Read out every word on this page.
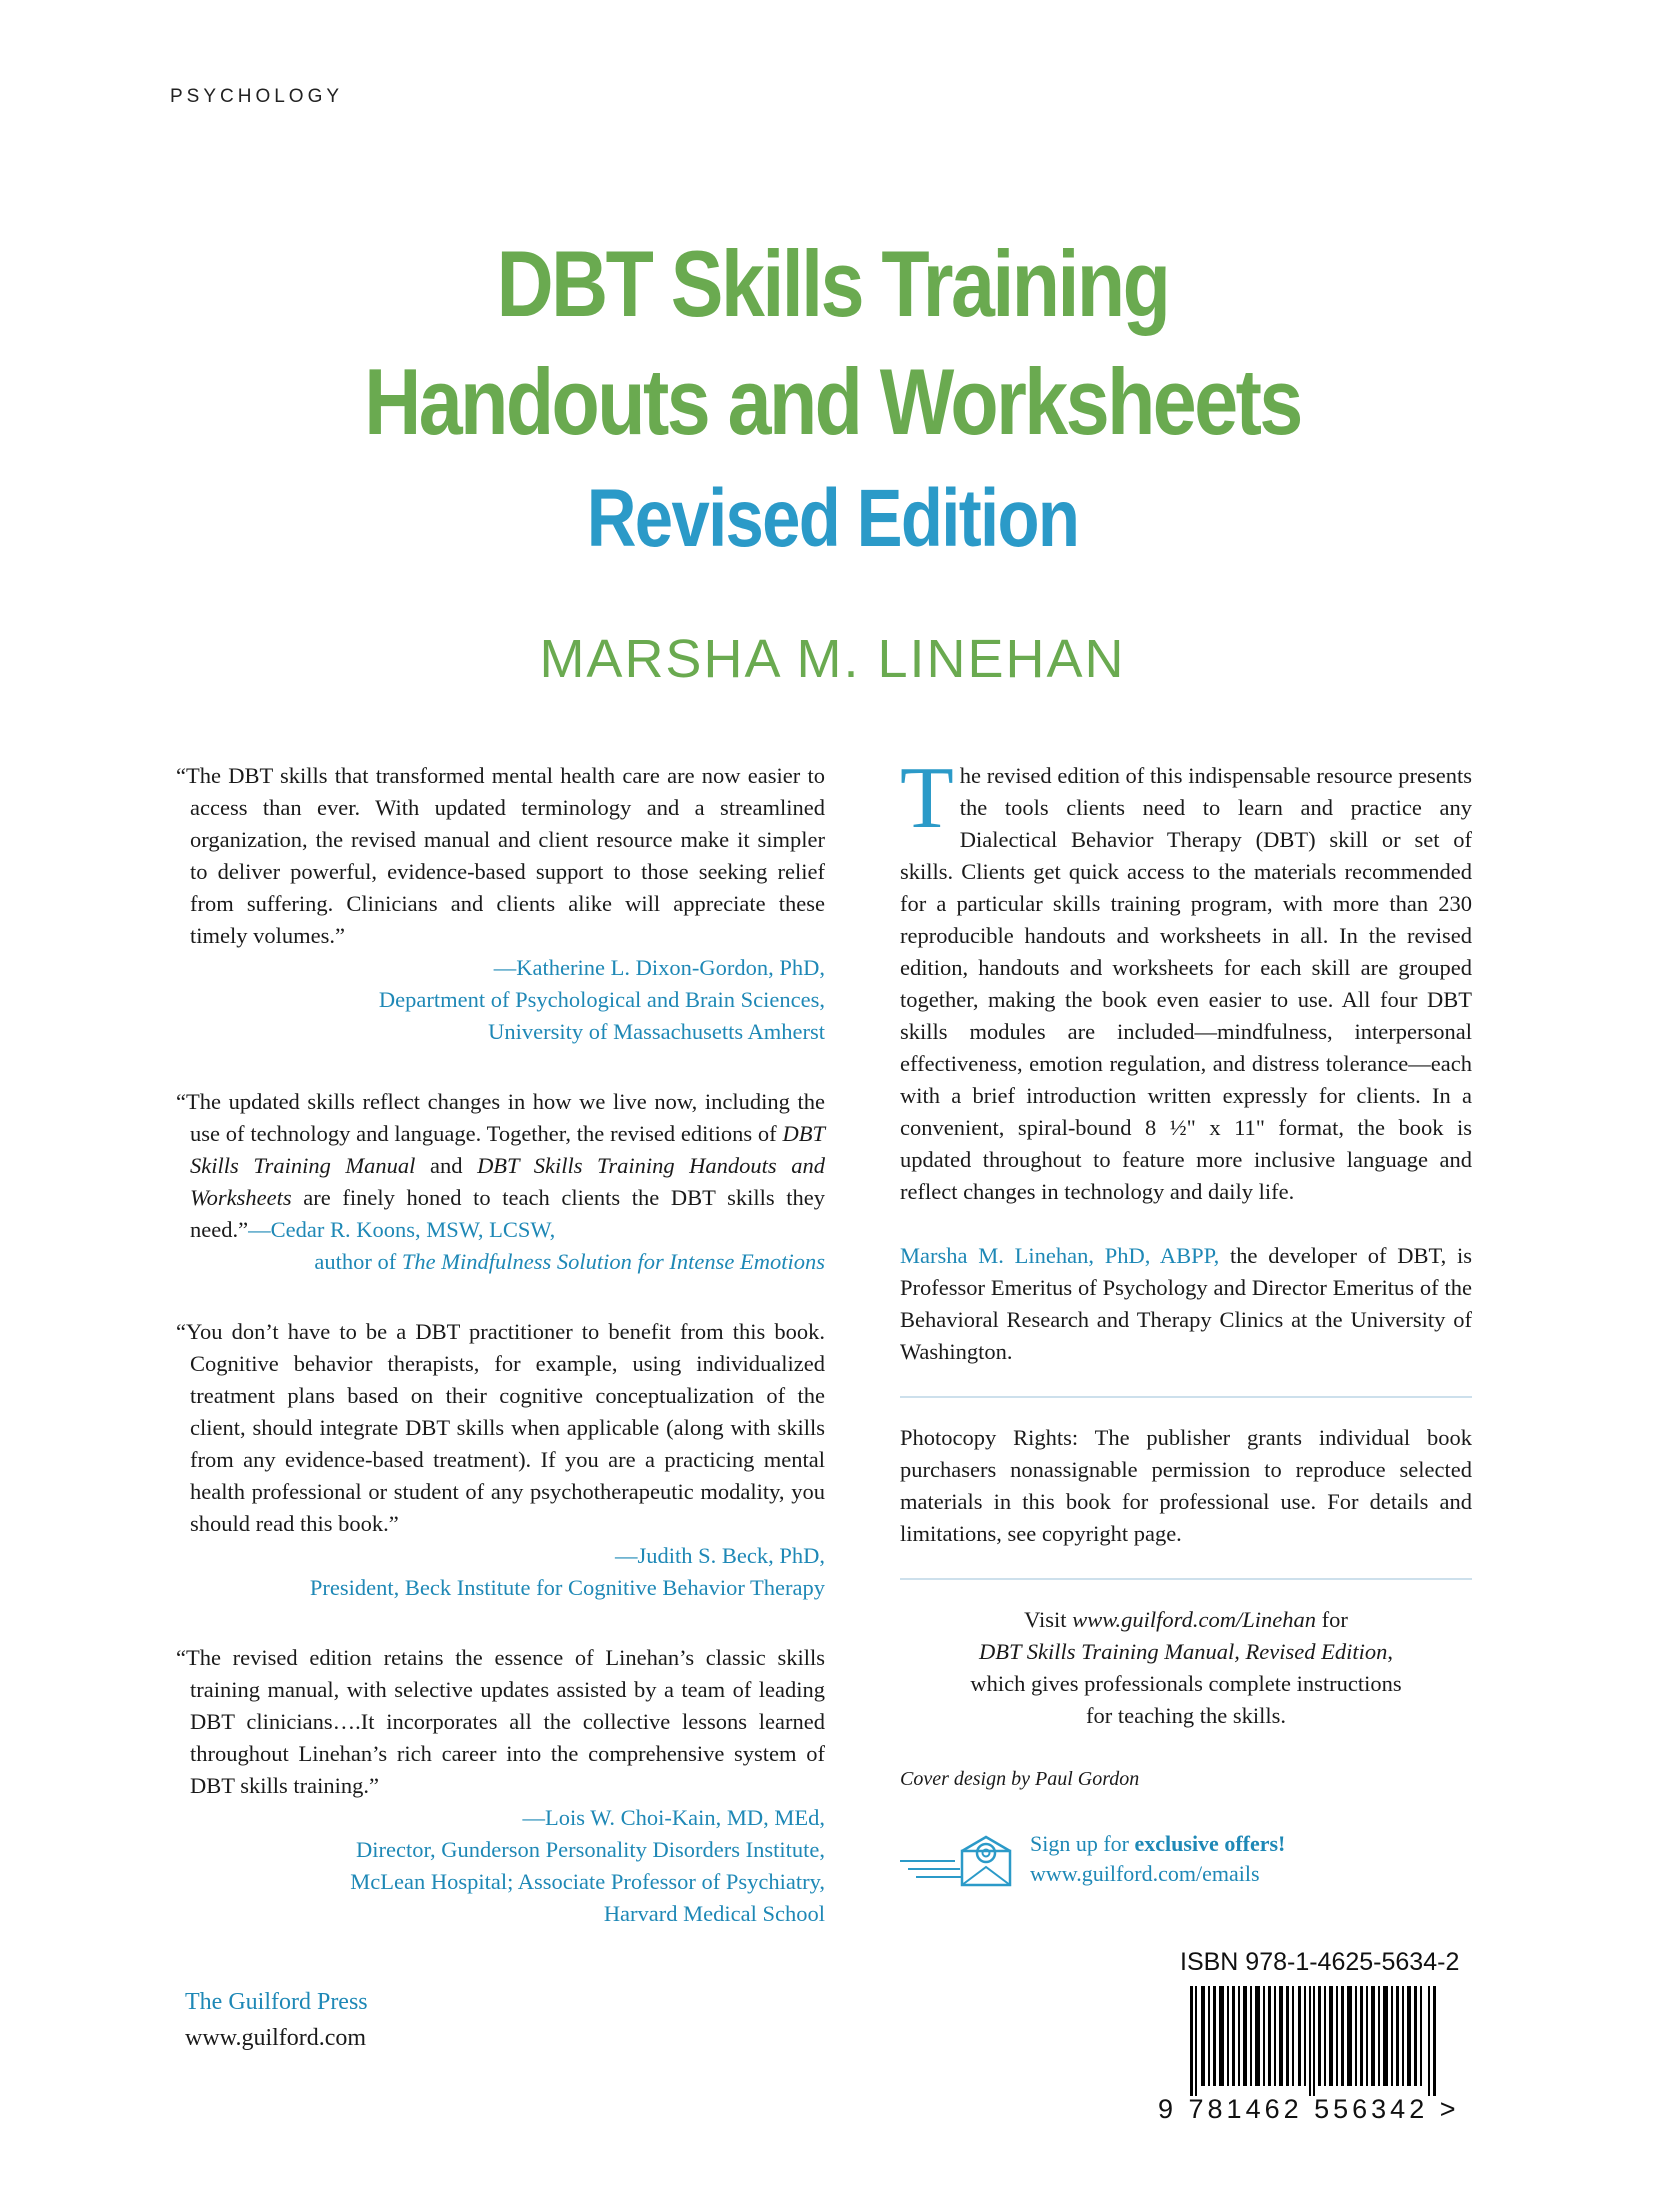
PSYCHOLOGY
DBT Skills Training
Handouts and Worksheets
Revised Edition
MARSHA M. LINEHAN

“The DBT skills that transformed mental health care are now easier to access than ever. With updated terminology and a streamlined organization, the revised manual and client resource make it simpler to deliver powerful, evidence-based support to those seeking relief from suffering. Clinicians and clients alike will appreciate these timely volumes.”

—Katherine L. Dixon-Gordon, PhD,
Department of Psychological and Brain Sciences,
University of Massachusetts Amherst

“The updated skills reflect changes in how we live now, including the use of technology and language. Together, the revised editions of DBT Skills Training Manual and DBT Skills Training Handouts and Worksheets are finely honed to teach clients the DBT skills they need.”—Cedar R. Koons, MSW, LCSW,

author of The Mindfulness Solution for Intense Emotions

“You don’t have to be a DBT practitioner to benefit from this book. Cognitive behavior therapists, for example, using individualized treatment plans based on their cognitive conceptualization of the client, should integrate DBT skills when applicable (along with skills from any evidence-based treatment). If you are a practicing mental health professional or student of any psychotherapeutic modality, you should read this book.”

—Judith S. Beck, PhD,
President, Beck Institute for Cognitive Behavior Therapy

“The revised edition retains the essence of Linehan’s classic skills training manual, with selective updates assisted by a team of leading DBT clinicians….It incorporates all the collective lessons learned throughout Linehan’s rich career into the comprehensive system of DBT skills training.”

—Lois W. Choi-Kain, MD, MEd,
Director, Gunderson Personality Disorders Institute,
McLean Hospital; Associate Professor of Psychiatry,
Harvard Medical School

The revised edition of this indispensable resource presents the tools clients need to learn and practice any Dialectical Behavior Therapy (DBT) skill or set of skills. Clients get quick access to the materials recommended for a particular skills training program, with more than 230 reproducible handouts and worksheets in all. In the revised edition, handouts and worksheets for each skill are grouped together, making the book even easier to use. All four DBT skills modules are included—mindfulness, interpersonal effectiveness, emotion regulation, and distress tolerance—each with a brief introduction written expressly for clients. In a convenient, spiral-bound 8 ½" x 11" format, the book is updated throughout to feature more inclusive language and reflect changes in technology and daily life.

Marsha M. Linehan, PhD, ABPP, the developer of DBT, is Professor Emeritus of Psychology and Director Emeritus of the Behavioral Research and Therapy Clinics at the University of Washington.

Photocopy Rights: The publisher grants individual book purchasers nonassignable permission to reproduce selected materials in this book for professional use. For details and limitations, see copyright page.

Visit www.guilford.com/Linehan for
DBT Skills Training Manual, Revised Edition,
which gives professionals complete instructions
for teaching the skills.
Cover design by Paul Gordon
Sign up for exclusive offers!
www.guilford.com/emails
ISBN 978-1-4625-5634-2
9 781462 556342 >
The Guilford Press
www.guilford.com
